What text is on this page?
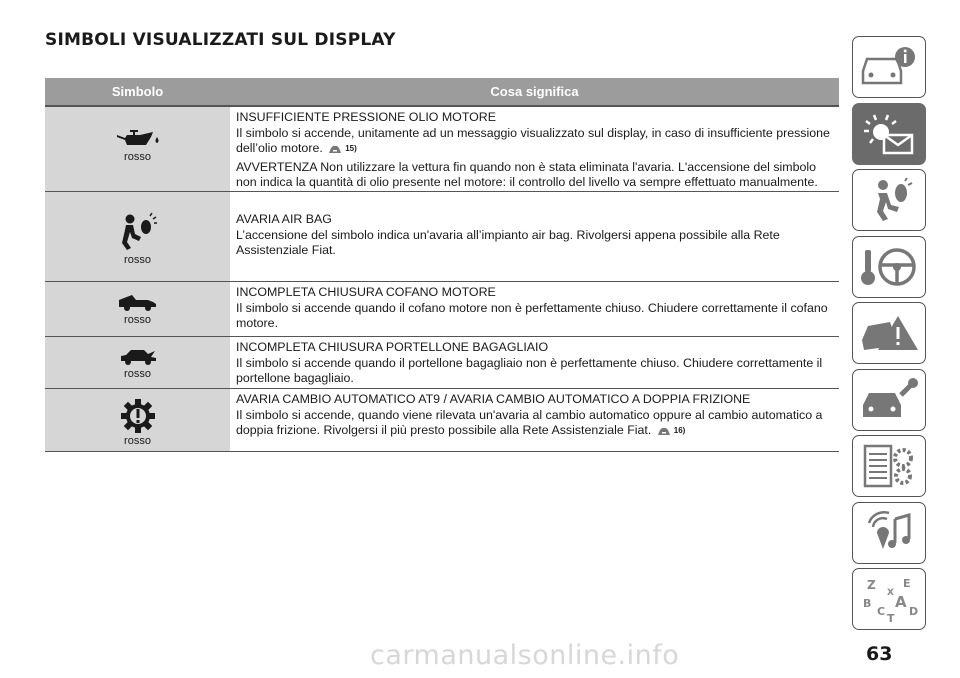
SIMBOLI VISUALIZZATI SUL DISPLAY
Simbolo	Cosa significa
rosso

INSUFFICIENTE PRESSIONE OLIO MOTORE
Il simbolo si accende, unitamente ad un messaggio visualizzato sul display, in caso di insufficiente pressione dell’olio motore.	15)

AVVERTENZA Non utilizzare la vettura fin quando non è stata eliminata l'avaria. L'accensione del simbolo non indica la quantità di olio presente nel motore: il controllo del livello va sempre effettuato manualmente.

rosso

AVARIA AIR BAG
L’accensione del simbolo indica un'avaria all’impianto air bag. Rivolgersi appena possibile alla Rete Assistenziale Fiat.

rosso

INCOMPLETA CHIUSURA COFANO MOTORE
Il simbolo si accende quando il cofano motore non è perfettamente chiuso. Chiudere correttamente il cofano motore.

rosso

INCOMPLETA CHIUSURA PORTELLONE BAGAGLIAIO
Il simbolo si accende quando il portellone bagagliaio non è perfettamente chiuso. Chiudere correttamente il portellone bagagliaio.

rosso

AVARIA CAMBIO AUTOMATICO AT9 / AVARIA CAMBIO AUTOMATICO A DOPPIA FRIZIONE
Il simbolo si accende, quando viene rilevata un'avaria al cambio automatico oppure al cambio automatico a doppia frizione. Rivolgersi il più presto possibile alla Rete Assistenziale Fiat.	16)

Z E
X
B A
C D
T
63
carmanualsonline.info
